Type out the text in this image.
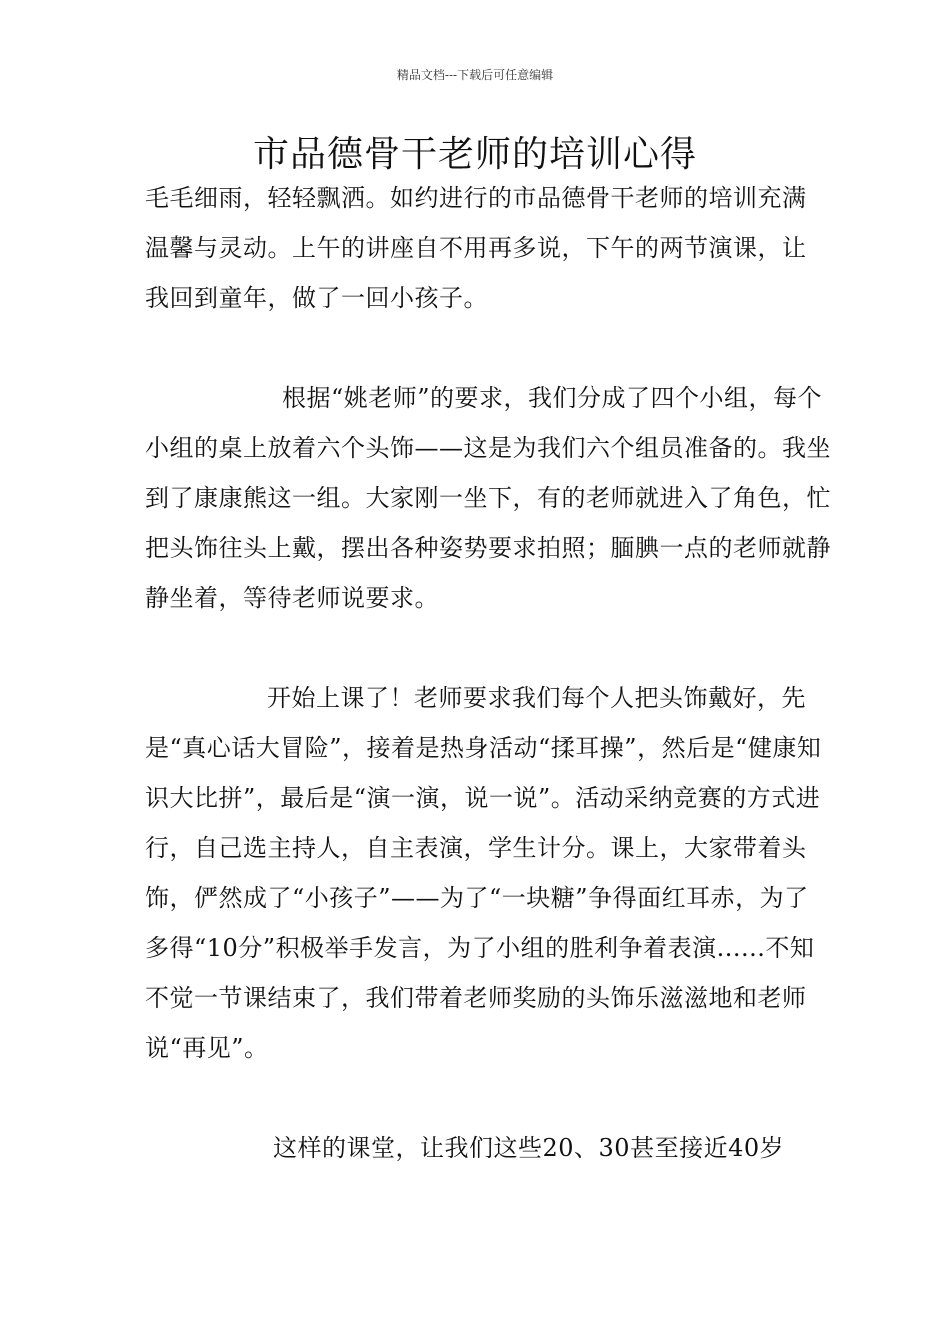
精品文档---下载后可任意编辑
市品德骨干老师的培训心得

毛毛细雨，轻轻飘洒。如约进行的市品德骨干老师的培训充满温馨与灵动。上午的讲座自不用再多说，下午的两节演课，让我回到童年，做了一回小孩子。

根据“姚老师”的要求，我们分成了四个小组，每个小组的桌上放着六个头饰——这是为我们六个组员准备的。我坐到了康康熊这一组。大家刚一坐下，有的老师就进入了角色，忙把头饰往头上戴，摆出各种姿势要求拍照；腼腆一点的老师就静静坐着，等待老师说要求。

开始上课了！老师要求我们每个人把头饰戴好，先是“真心话大冒险”，接着是热身活动“揉耳操”，然后是“健康知识大比拼”，最后是“演一演，说一说”。活动采纳竞赛的方式进行，自己选主持人，自主表演，学生计分。课上，大家带着头饰，俨然成了“小孩子”——为了“一块糖”争得面红耳赤，为了多得“10分”积极举手发言，为了小组的胜利争着表演......不知不觉一节课结束了，我们带着老师奖励的头饰乐滋滋地和老师说“再见”。

这样的课堂，让我们这些20、30甚至接近40岁
